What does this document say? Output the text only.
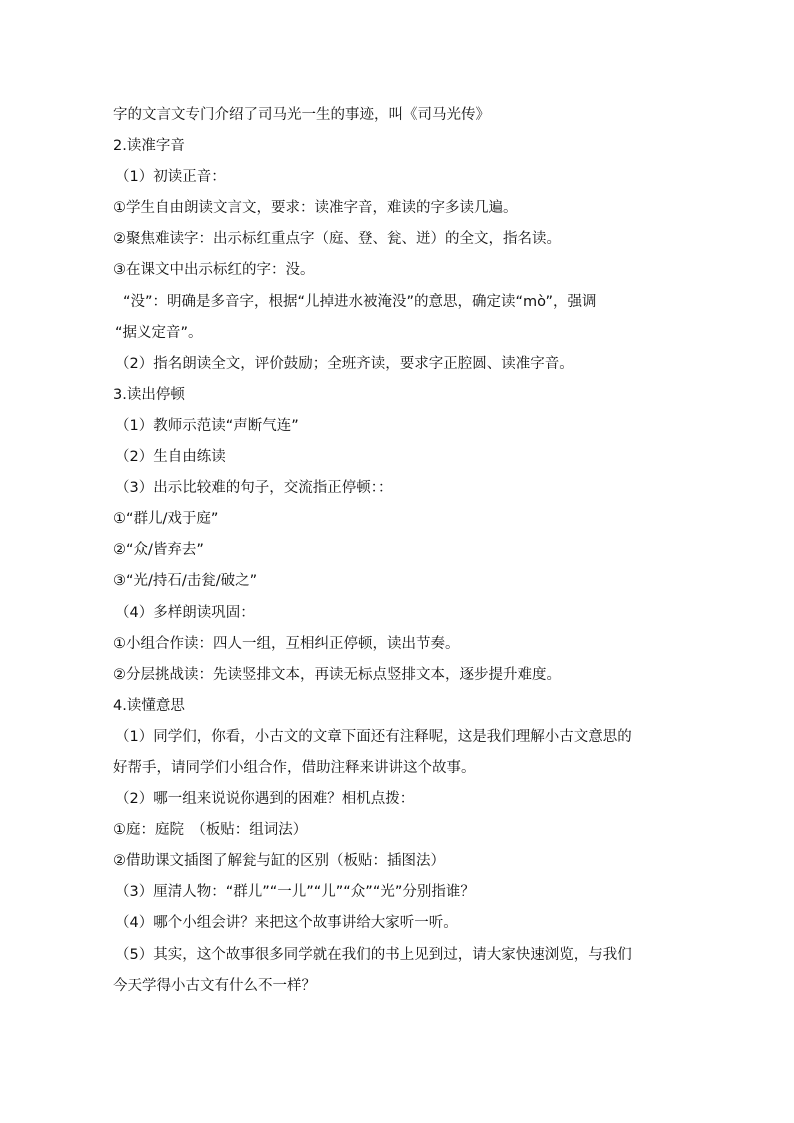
字的文言文专门介绍了司马光一生的事迹，叫《司马光传》
2.读准字音
（1）初读正音：
①学生自由朗读文言文，要求：读准字音，难读的字多读几遍。
②聚焦难读字：出示标红重点字（庭、登、瓮、迸）的全文，指名读。
③在课文中出示标红的字：没。
“没”：明确是多音字，根据“儿掉进水被淹没”的意思，确定读“mò”，强调
“据义定音”。
（2）指名朗读全文，评价鼓励；全班齐读，要求字正腔圆、读准字音。
3.读出停顿
（1）教师示范读“声断气连”
（2）生自由练读
（3）出示比较难的句子，交流指正停顿：：
①“群儿/戏于庭”
②“众/皆弃去”
③“光/持石/击瓮/破之”
（4）多样朗读巩固：
①小组合作读：四人一组，互相纠正停顿，读出节奏。
②分层挑战读：先读竖排文本，再读无标点竖排文本，逐步提升难度。
4.读懂意思
（1）同学们，你看，小古文的文章下面还有注释呢，这是我们理解小古文意思的
好帮手，请同学们小组合作，借助注释来讲讲这个故事。
（2）哪一组来说说你遇到的困难？相机点拨：
①庭：庭院　（板贴：组词法）
②借助课文插图了解瓮与缸的区别（板贴：插图法）
（3）厘清人物：“群儿”“一儿”“儿”“众”“光”分别指谁？
（4）哪个小组会讲？来把这个故事讲给大家听一听。
（5）其实，这个故事很多同学就在我们的书上见到过，请大家快速浏览，与我们
今天学得小古文有什么不一样？
